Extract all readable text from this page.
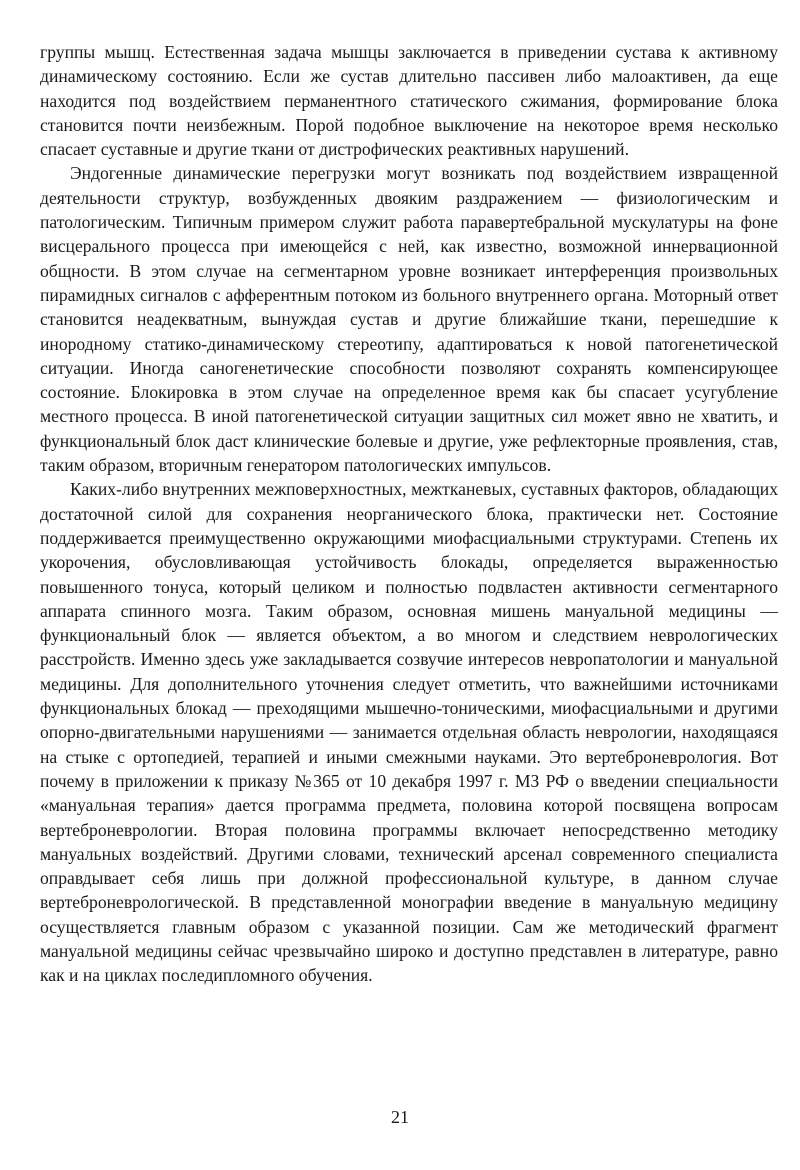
группы мышц. Естественная задача мышцы заключается в приведении сустава к активному динамическому состоянию. Если же сустав длительно пассивен либо малоактивен, да еще находится под воздействием перманентного статического сжимания, формирование блока становится почти неизбежным. Порой подобное выключение на некоторое время несколько спасает суставные и другие ткани от дистрофических реактивных нарушений.

Эндогенные динамические перегрузки могут возникать под воздействием извращенной деятельности структур, возбужденных двояким раздражением — физиологическим и патологическим. Типичным примером служит работа паравертебральной мускулатуры на фоне висцерального процесса при имеющейся с ней, как известно, возможной иннервационной общности. В этом случае на сегментарном уровне возникает интерференция произвольных пирамидных сигналов с афферентным потоком из больного внутреннего органа. Моторный ответ становится неадекватным, вынуждая сустав и другие ближайшие ткани, перешедшие к инородному статико-динамическому стереотипу, адаптироваться к новой патогенетической ситуации. Иногда саногенетические способности позволяют сохранять компенсирующее состояние. Блокировка в этом случае на определенное время как бы спасает усугубление местного процесса. В иной патогенетической ситуации защитных сил может явно не хватить, и функциональный блок даст клинические болевые и другие, уже рефлекторные проявления, став, таким образом, вторичным генератором патологических импульсов.

Каких-либо внутренних межповерхностных, межтканевых, суставных факторов, обладающих достаточной силой для сохранения неорганического блока, практически нет. Состояние поддерживается преимущественно окружающими миофасциальными структурами. Степень их укорочения, обусловливающая устойчивость блокады, определяется выраженностью повышенного тонуса, который целиком и полностью подвластен активности сегментарного аппарата спинного мозга. Таким образом, основная мишень мануальной медицины — функциональный блок — является объектом, а во многом и следствием неврологических расстройств. Именно здесь уже закладывается созвучие интересов невропатологии и мануальной медицины. Для дополнительного уточнения следует отметить, что важнейшими источниками функциональных блокад — преходящими мышечно-тоническими, миофасциальными и другими опорно-двигательными нарушениями — занимается отдельная область неврологии, находящаяся на стыке с ортопедией, терапией и иными смежными науками. Это вертеброневрология. Вот почему в приложении к приказу №365 от 10 декабря 1997 г. МЗ РФ о введении специальности «мануальная терапия» дается программа предмета, половина которой посвящена вопросам вертеброневрологии. Вторая половина программы включает непосредственно методику мануальных воздействий. Другими словами, технический арсенал современного специалиста оправдывает себя лишь при должной профессиональной культуре, в данном случае вертеброневрологической. В представленной монографии введение в мануальную медицину осуществляется главным образом с указанной позиции. Сам же методический фрагмент мануальной медицины сейчас чрезвычайно широко и доступно представлен в литературе, равно как и на циклах последипломного обучения.

21
